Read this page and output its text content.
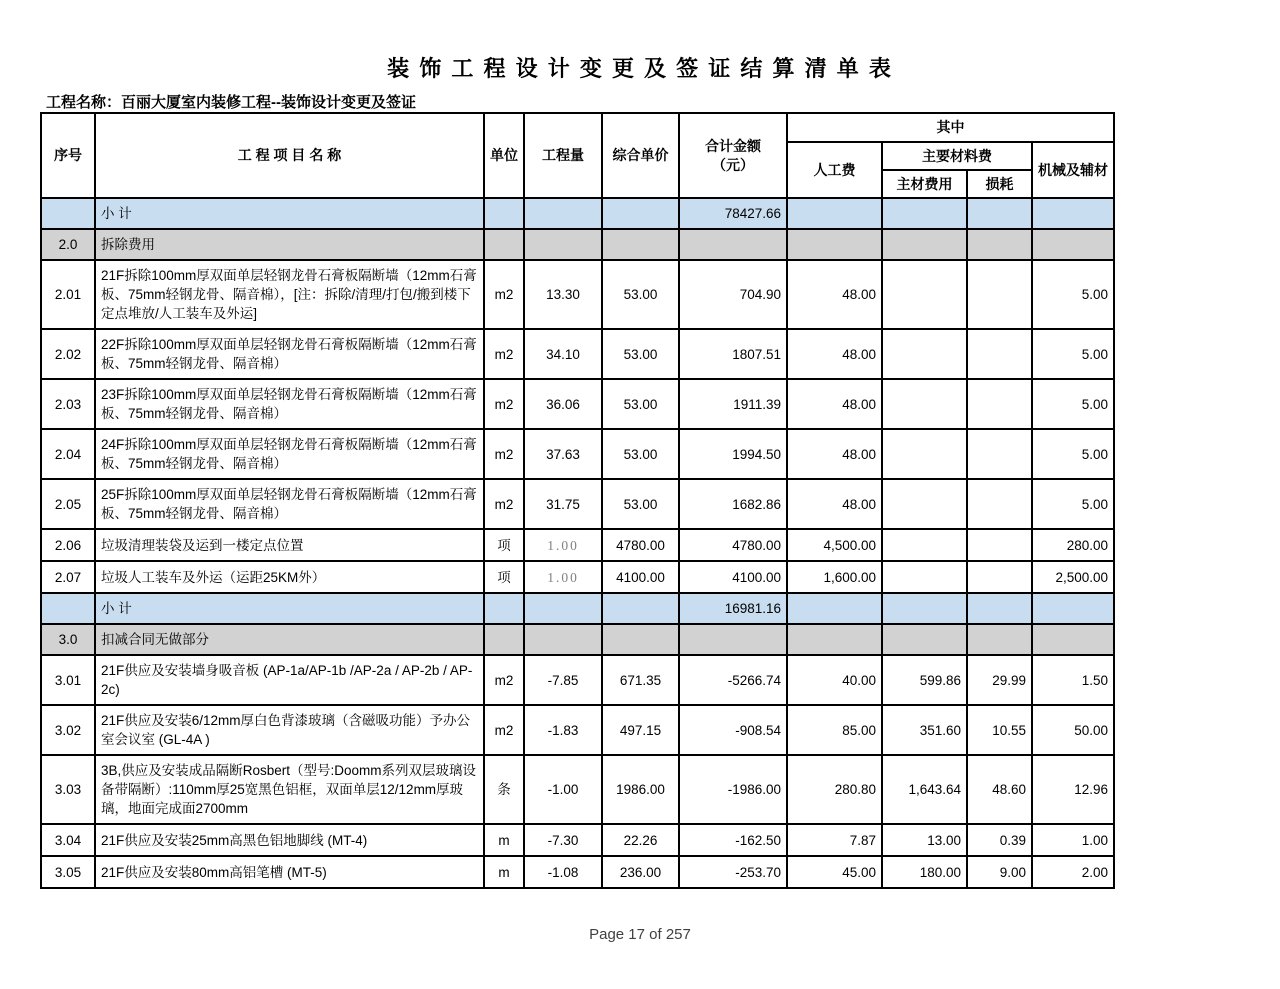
装 饰 工 程 设 计 变 更 及 签 证 结 算 清 单 表
工程名称：百丽大厦室内装修工程--装饰设计变更及签证
序号	工 程 项 目 名 称	单位	工程量	综合单价	合计金额
（元）	其中			
						人工费	主要材料费		机械及辅材
							主材费用	损耗	
	小 计				78427.66				
2.0	拆除费用								
2.01	21F拆除100mm厚双面单层轻钢龙骨石膏板隔断墙（12mm石膏板、75mm轻钢龙骨、隔音棉），[注：拆除/清理/打包/搬到楼下定点堆放/人工装车及外运]	m2	13.30	53.00	704.90	48.00			5.00
2.02	22F拆除100mm厚双面单层轻钢龙骨石膏板隔断墙（12mm石膏板、75mm轻钢龙骨、隔音棉）	m2	34.10	53.00	1807.51	48.00			5.00
2.03	23F拆除100mm厚双面单层轻钢龙骨石膏板隔断墙（12mm石膏板、75mm轻钢龙骨、隔音棉）	m2	36.06	53.00	1911.39	48.00			5.00
2.04	24F拆除100mm厚双面单层轻钢龙骨石膏板隔断墙（12mm石膏板、75mm轻钢龙骨、隔音棉）	m2	37.63	53.00	1994.50	48.00			5.00
2.05	25F拆除100mm厚双面单层轻钢龙骨石膏板隔断墙（12mm石膏板、75mm轻钢龙骨、隔音棉）	m2	31.75	53.00	1682.86	48.00			5.00
2.06	垃圾清理装袋及运到一楼定点位置	项	1.00	4780.00	4780.00	4,500.00			280.00
2.07	垃圾人工装车及外运（运距25KM外）	项	1.00	4100.00	4100.00	1,600.00			2,500.00
	小 计				16981.16				
3.0	扣减合同无做部分								
3.01	21F供应及安装墙身吸音板 (AP-1a/AP-1b /AP-2a / AP-2b / AP-2c)	m2	-7.85	671.35	-5266.74	40.00	599.86	29.99	1.50
3.02	21F供应及安装6/12mm厚白色背漆玻璃（含磁吸功能）予办公室会议室 (GL-4A )	m2	-1.83	497.15	-908.54	85.00	351.60	10.55	50.00
3.03	3B,供应及安装成品隔断Rosbert（型号:Doomm系列双层玻璃设备带隔断）:110mm厚25宽黑色铝框，双面单层12/12mm厚玻璃，地面完成面2700mm	条	-1.00	1986.00	-1986.00	280.80	1,643.64	48.60	12.96
3.04	21F供应及安装25mm高黑色铝地脚线 (MT-4)	m	-7.30	22.26	-162.50	7.87	13.00	0.39	1.00
3.05	21F供应及安装80mm高铝笔槽 (MT-5)	m	-1.08	236.00	-253.70	45.00	180.00	9.00	2.00
Page 17 of 257
